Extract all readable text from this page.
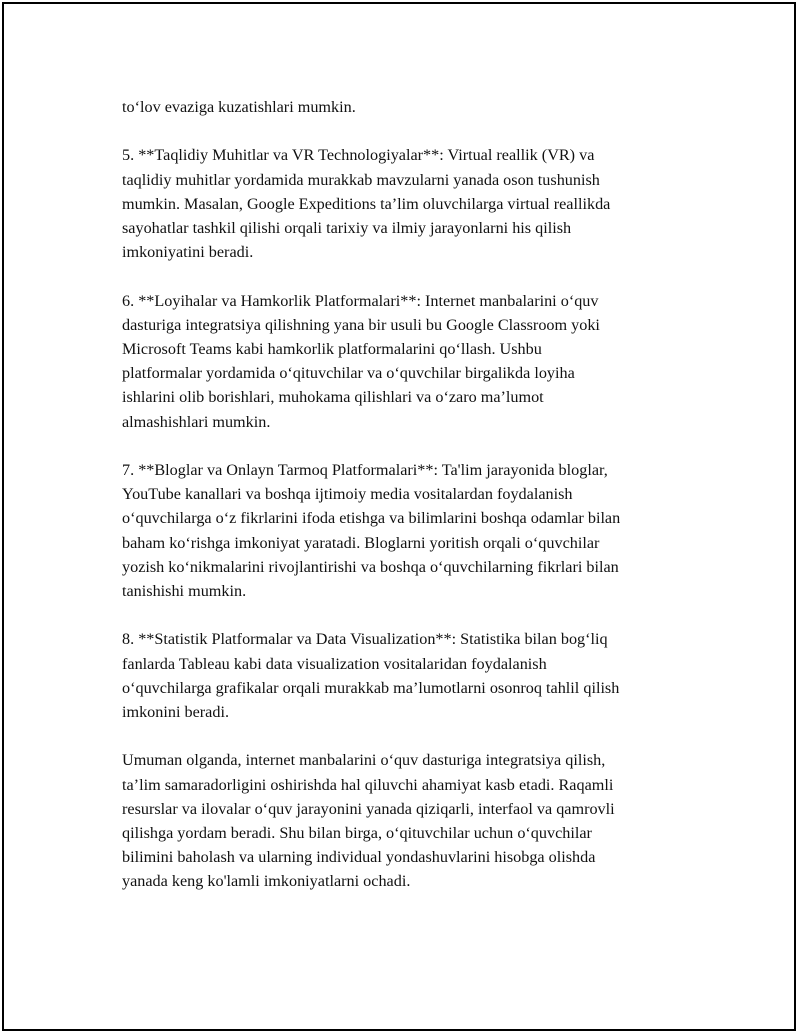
to‘lov evaziga kuzatishlari mumkin.

5. **Taqlidiy Muhitlar va VR Technologiyalar**: Virtual reallik (VR) va
taqlidiy muhitlar yordamida murakkab mavzularni yanada oson tushunish
mumkin. Masalan, Google Expeditions ta’lim oluvchilarga virtual reallikda
sayohatlar tashkil qilishi orqali tarixiy va ilmiy jarayonlarni his qilish
imkoniyatini beradi.

6. **Loyihalar va Hamkorlik Platformalari**: Internet manbalarini o‘quv
dasturiga integratsiya qilishning yana bir usuli bu Google Classroom yoki
Microsoft Teams kabi hamkorlik platformalarini qo‘llash. Ushbu
platformalar yordamida o‘qituvchilar va o‘quvchilar birgalikda loyiha
ishlarini olib borishlari, muhokama qilishlari va o‘zaro ma’lumot
almashishlari mumkin.

7. **Bloglar va Onlayn Tarmoq Platformalari**: Ta'lim jarayonida bloglar,
YouTube kanallari va boshqa ijtimoiy media vositalardan foydalanish
o‘quvchilarga o‘z fikrlarini ifoda etishga va bilimlarini boshqa odamlar bilan
baham ko‘rishga imkoniyat yaratadi. Bloglarni yoritish orqali o‘quvchilar
yozish ko‘nikmalarini rivojlantirishi va boshqa o‘quvchilarning fikrlari bilan
tanishishi mumkin.

8. **Statistik Platformalar va Data Visualization**: Statistika bilan bog‘liq
fanlarda Tableau kabi data visualization vositalaridan foydalanish
o‘quvchilarga grafikalar orqali murakkab ma’lumotlarni osonroq tahlil qilish
imkonini beradi.

Umuman olganda, internet manbalarini o‘quv dasturiga integratsiya qilish,
ta’lim samaradorligini oshirishda hal qiluvchi ahamiyat kasb etadi. Raqamli
resurslar va ilovalar o‘quv jarayonini yanada qiziqarli, interfaol va qamrovli
qilishga yordam beradi. Shu bilan birga, o‘qituvchilar uchun o‘quvchilar
bilimini baholash va ularning individual yondashuvlarini hisobga olishda
yanada keng ko'lamli imkoniyatlarni ochadi.
